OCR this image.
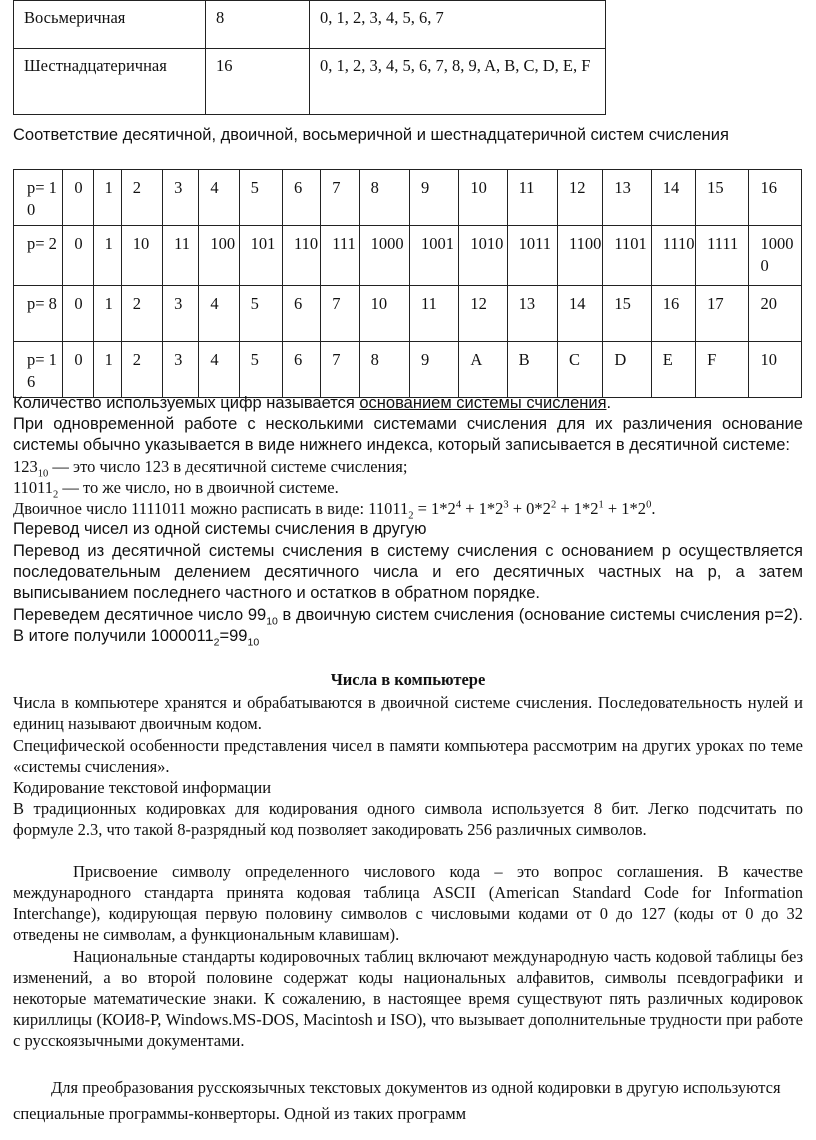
Восьмеричная	8	0, 1, 2, 3, 4, 5, 6, 7
Шестнадцатеричная	16	0, 1, 2, 3, 4, 5, 6, 7, 8, 9, A, B, C, D, E, F
Соответствие десятичной, двоичной, восьмеричной и шестнадцатеричной систем счисления
p= 10	0	1	2	3	4	5	6	7	8	9	10	11	12	13	14	15	16
p= 2	0	1	10	11	100	101	110	111	1000	1001	1010	1011	1100	1101	1110	1111	10000
p= 8	0	1	2	3	4	5	6	7	10	11	12	13	14	15	16	17	20
p= 16	0	1	2	3	4	5	6	7	8	9	A	B	C	D	E	F	10
Количество используемых цифр называется основанием системы счисления.
При одновременной работе с несколькими системами счисления для их различения основание системы обычно указывается в виде нижнего индекса, который записывается в десятичной системе:
$123_{10}$ — это число 123 в десятичной системе счисления;
$11011_2$ — то же число, но в двоичной системе.
Двоичное число 1111011 можно расписать в виде: $11011_2 = 1*2^4 + 1*2^3 + 0*2^2 + 1*2^1 + 1*2^0$.
Перевод чисел из одной системы счисления в другую
Перевод из десятичной системы счисления в систему счисления с основанием p осуществляется последовательным делением десятичного числа и его десятичных частных на p, а затем выписыванием последнего частного и остатков в обратном порядке.
Переведем десятичное число $99_{10}$ в двоичную систем счисления (основание системы счисления p=2). В итоге получили $1000011_2=99_{10}$
Числа в компьютере
Числа в компьютере хранятся и обрабатываются в двоичной системе счисления. Последовательность нулей и единиц называют двоичным кодом.
Специфической особенности представления чисел в памяти компьютера рассмотрим на других уроках по теме «системы счисления».
Кодирование текстовой информации
В традиционных кодировках для кодирования одного символа используется 8 бит. Легко подсчитать по формуле 2.3, что такой 8-разрядный код позволяет закодировать 256 различных символов.
Присвоение символу определенного числового кода – это вопрос соглашения. В качестве международного стандарта принята кодовая таблица ASCII (American Standard Code for Information Interchange), кодирующая первую половину символов с числовыми кодами от 0 до 127 (коды от 0 до 32 отведены не символам, а функциональным клавишам).
Национальные стандарты кодировочных таблиц включают международную часть кодовой таблицы без изменений, а во второй половине содержат коды национальных алфавитов, символы псевдографики и некоторые математические знаки. К сожалению, в настоящее время существуют пять различных кодировок кириллицы (КОИ8-Р, Windows.MS-DOS, Macintosh и ISO), что вызывает дополнительные трудности при работе с русскоязычными документами.
Для преобразования русскоязычных текстовых документов из одной кодировки в другую используются специальные программы-конверторы. Одной из таких программ
